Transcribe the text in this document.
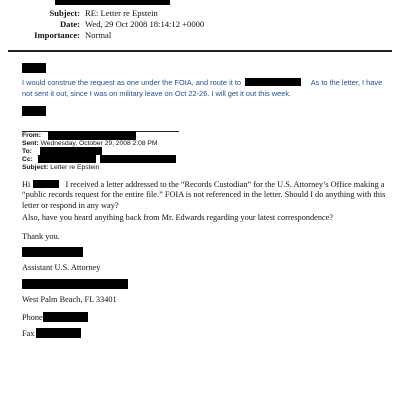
Subject: RE: Letter re Epstein
Date: Wed, 29 Oct 2008 18:14:12 +0000
Importance: Normal
I would construe the request as one under the FOIA, and route it to	As to the letter, I have not sent it out, since I was on military leave on Oct 22-26. I will get it out this week.
From:
Sent: Wednesday, October 29, 2008 2:08 PM
To:
Cc:
Subject: Letter re Epstein
Hi	I received a letter addressed to the “Records Custodian” for the U.S. Attorney’s Office making a “public records request for the entire file.” FOIA is not referenced in the letter. Should I do anything with this letter or respond in any way?
Also, have you heard anything back from Mr. Edwards regarding your latest correspondence?
Thank you.
Assistant U.S. Attorney
West Palm Beach, FL 33401
Phone
Fax
